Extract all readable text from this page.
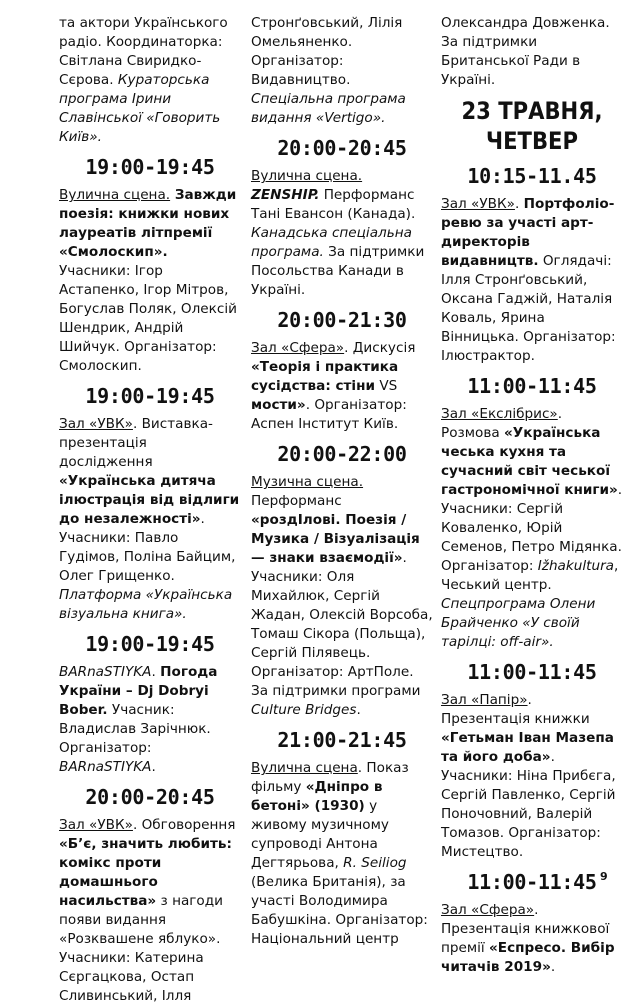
та актори Українського радіо. Координаторка: Світлана Свиридко-Сєрова. Кураторська програма Ірини Славінської «Говорить Київ».

19:00-19:45

Вулична сцена. Завжди поезія: книжки нових лауреатів літпремії «Смолоскип». Учасники: Ігор Астапенко, Ігор Мітров, Богуслав Поляк, Олексій Шендрик, Андрій Шийчук. Організатор: Смолоскип.

19:00-19:45

Зал «УВК». Виставка-презентація дослідження «Українська дитяча ілюстрація від відлиги до незалежності». Учасники: Павло Гудімов, Поліна Байцим, Олег Грищенко. Платформа «Українська візуальна книга».

19:00-19:45

BARnaSTIYKA. Погода України – Dj Dobryi Bober. Учасник: Владислав Зарічнюк. Організатор: BARnaSTIYKA.

20:00-20:45

Зал «УВК». Обговорення «Б’є, значить любить: комікс проти домашнього насильства» з нагоди появи видання «Розквашене яблуко». Учасники: Катерина Сєргацкова, Остап Сливинський, Ілля

Стронґовський, Лілія Омельяненко. Організатор: Видавництво. Спеціальна програма видання «Vertigo».

20:00-20:45

Вулична сцена. ZENSHIP. Перформанс Тані Евансон (Канада). Канадська спеціальна програма. За підтримки Посольства Канади в Україні.

20:00-21:30

Зал «Сфера». Дискусія «Теорія і практика сусідства: стіни VS мости». Організатор: Аспен Інститут Київ.

20:00-22:00

Музична сцена. Перформанс «роздІлові. Поезія / Музика / Візуалізація — знаки взаємодії». Учасники: Оля Михайлюк, Сергій Жадан, Олексій Ворсоба, Томаш Сікора (Польща), Сергій Пілявець. Організатор: АртПоле. За підтримки програми Culture Bridges.

21:00-21:45

Вулична сцена. Показ фільму «Дніпро в бетоні» (1930) у живому музичному супроводі Антона Дегтярьова, R. Seiliog (Велика Британія), за участі Володимира Бабушкіна. Організатор: Національний центр

Олександра Довженка. За підтримки Британської Ради в Україні.

23 ТРАВНЯ, ЧЕТВЕР
10:15-11.45

Зал «УВК». Портфоліо-ревю за участі арт-директорів видавництв. Оглядачі: Ілля Стронґовський, Оксана Гаджій, Наталія Коваль, Ярина Вінницька. Організатор: Ілюстрактор.

11:00-11:45

Зал «Екслібрис». Розмова «Українська чеська кухня та сучасний світ чеської гастрономічної книги». Учасники: Сергій Коваленко, Юрій Семенов, Петро Мідянка. Організатор: Ižhakultura, Чеський центр. Спецпрограма Олени Брайченко «У своїй тарілці: off-air».

11:00-11:45

Зал «Папір». Презентація книжки «Гетьман Іван Мазепа та його доба». Учасники: Ніна Прибєга, Сергій Павленко, Сергій Поночовний, Валерій Томазов. Організатор: Мистецтво.

11:00-11:45

Зал «Сфера». Презентація книжкової премії «Еспресо. Вибір читачів 2019».

9
